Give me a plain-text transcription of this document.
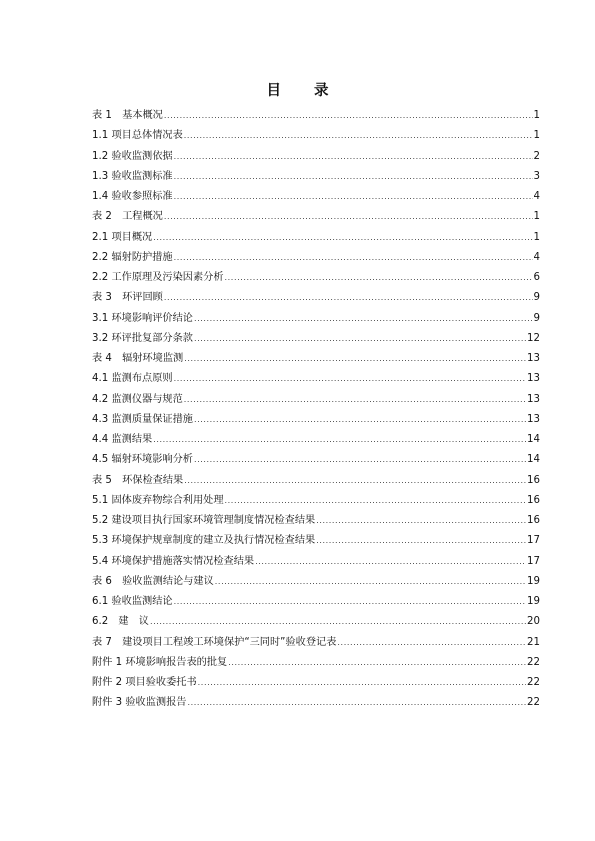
目 录
表 1　基本概况 .....	1
1.1 项目总体情况表 .....	1
1.2 验收监测依据 .....	2
1.3 验收监测标准 .....	3
1.4 验收参照标准 .....	4
表 2　工程概况 .....	1
2.1 项目概况 .....	1
2.2 辐射防护措施 .....	4
2.2 工作原理及污染因素分析 .....	6
表 3　环评回顾 .....	9
3.1 环境影响评价结论 .....	9
3.2 环评批复部分条款 .....	12
表 4　辐射环境监测 .....	13
4.1 监测布点原则 .....	13
4.2 监测仪器与规范 .....	13
4.3 监测质量保证措施 .....	13
4.4 监测结果 .....	14
4.5 辐射环境影响分析 .....	14
表 5　环保检查结果 .....	16
5.1 固体废弃物综合利用处理 .....	16
5.2 建设项目执行国家环境管理制度情况检查结果 .....	16
5.3 环境保护规章制度的建立及执行情况检查结果 .....	17
5.4 环境保护措施落实情况检查结果 .....	17
表 6　验收监测结论与建议 .....	19
6.1 验收监测结论 .....	19
6.2　建　议 .....	20
表 7　建设项目工程竣工环境保护“三同时”验收登记表 .....	21
附件 1 环境影响报告表的批复 .....	22
附件 2 项目验收委托书 .....	22
附件 3 验收监测报告 .....	22
